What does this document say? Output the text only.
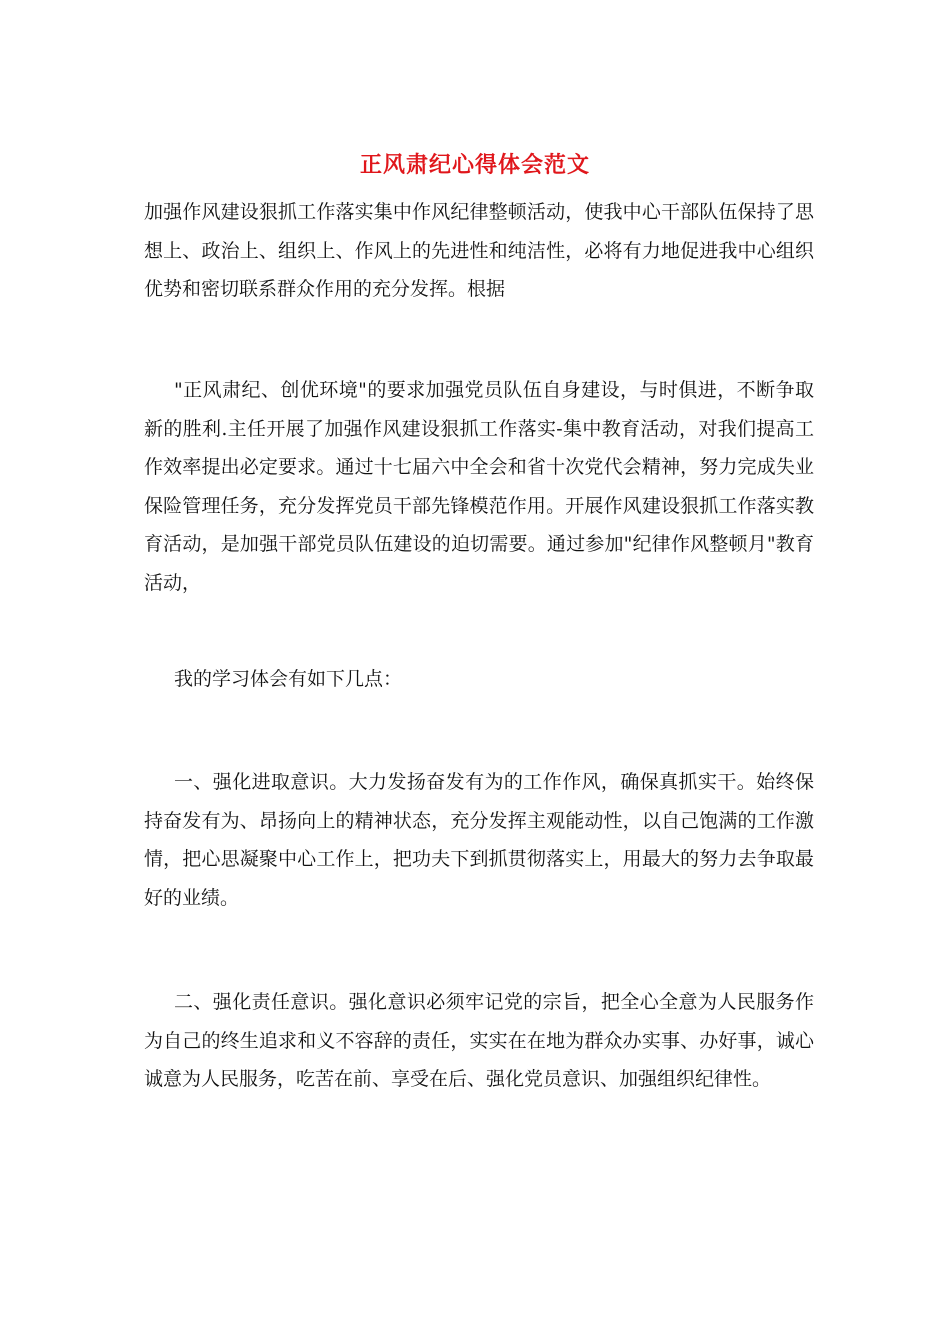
正风肃纪心得体会范文

加强作风建设狠抓工作落实集中作风纪律整顿活动，使我中心干部队伍保持了思想上、政治上、组织上、作风上的先进性和纯洁性，必将有力地促进我中心组织优势和密切联系群众作用的充分发挥。根据

"正风肃纪、创优环境"的要求加强党员队伍自身建设，与时俱进，不断争取新的胜利.主任开展了加强作风建设狠抓工作落实-集中教育活动，对我们提高工作效率提出必定要求。通过十七届六中全会和省十次党代会精神，努力完成失业保险管理任务，充分发挥党员干部先锋模范作用。开展作风建设狠抓工作落实教育活动，是加强干部党员队伍建设的迫切需要。通过参加"纪律作风整顿月"教育活动，

我的学习体会有如下几点：

一、强化进取意识。大力发扬奋发有为的工作作风，确保真抓实干。始终保持奋发有为、昂扬向上的精神状态，充分发挥主观能动性，以自己饱满的工作激情，把心思凝聚中心工作上，把功夫下到抓贯彻落实上，用最大的努力去争取最好的业绩。

二、强化责任意识。强化意识必须牢记党的宗旨，把全心全意为人民服务作为自己的终生追求和义不容辞的责任，实实在在地为群众办实事、办好事，诚心诚意为人民服务，吃苦在前、享受在后、强化党员意识、加强组织纪律性。
